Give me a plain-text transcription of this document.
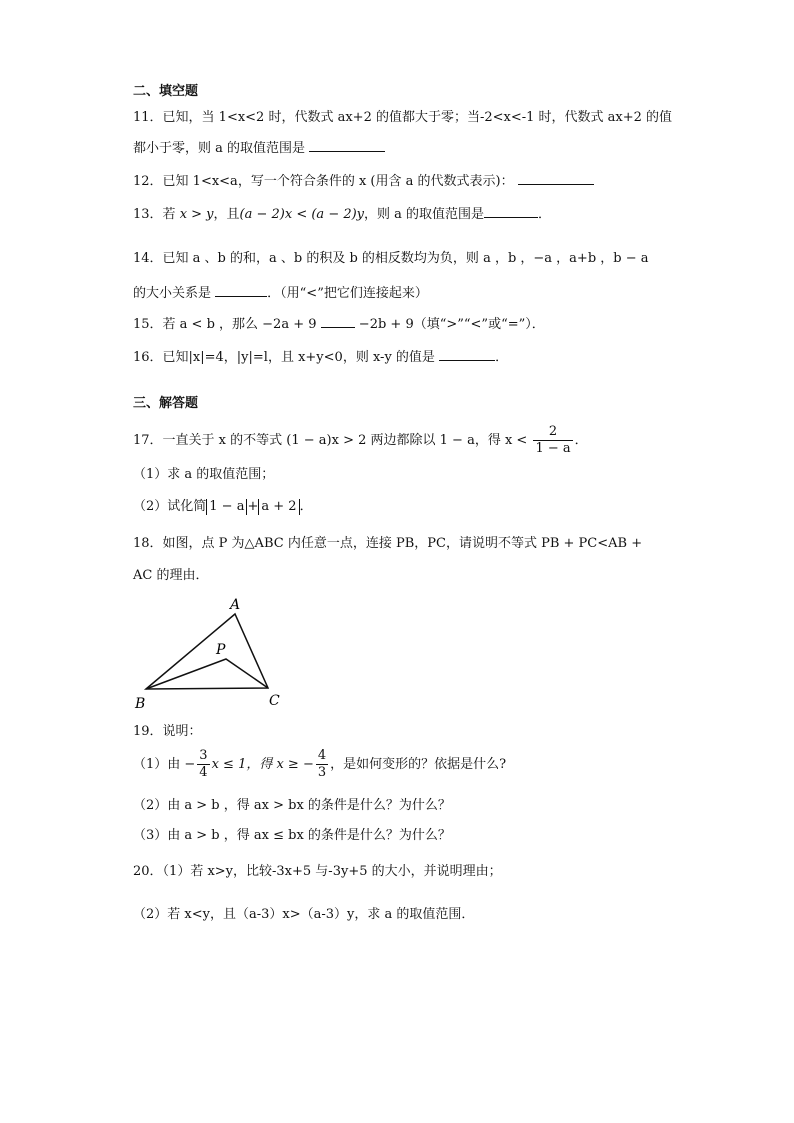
二、填空题
11．已知，当 1<x<2 时，代数式 ax+2 的值都大于零；当-2<x<-1 时，代数式 ax+2 的值
都小于零，则 a 的取值范围是
12．已知 1<x<a，写一个符合条件的 x (用含 a 的代数式表示)：
13．若 x > y，且(a − 2)x < (a − 2)y，则 a 的取值范围是	．
14．已知 a 、b 的和，a 、b 的积及 b 的相反数均为负，则 a ，b ，−a ，a+b ，b − a
的大小关系是	．（用“<”把它们连接起来）
15．若 a < b ，那么 −2a + 9	−2b + 9（填“>”“<”或“=”）．
16．已知|x|=4，|y|=l，且 x+y<0，则 x-y 的值是	．
三、解答题
17．一直关于 x 的不等式 (1 − a)x > 2 两边都除以 1 − a，得 $x < \frac{2}{1 - a}$ ．
（1）求 a 的取值范围；
（2）试化简 1 − a + a + 2 ．
18．如图，点 P 为△ABC 内任意一点，连接 PB，PC，请说明不等式 PB + PC<AB +
AC 的理由．
A
P
B	C
19．说明：
（1）由 − $\frac{3}{4}$ x ≤ 1，得 x ≥ − $\frac{4}{3}$ ，是如何变形的？依据是什么?
（2）由 a > b ，得 ax > bx 的条件是什么？为什么？
（3）由 a > b ，得 ax ≤ bx 的条件是什么？为什么？
20．（1）若 x>y，比较-3x+5 与-3y+5 的大小，并说明理由；
（2）若 x<y，且（a-3）x>（a-3）y，求 a 的取值范围．
